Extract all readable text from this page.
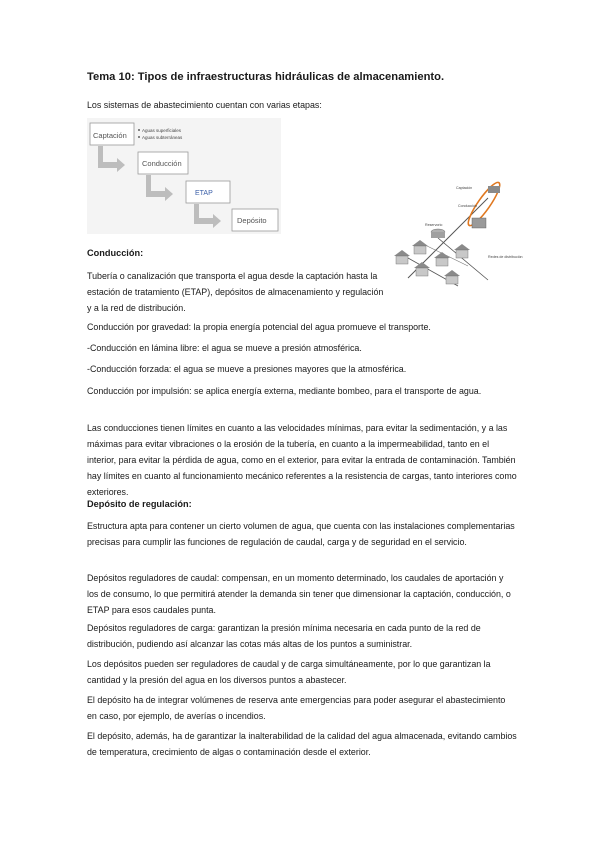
Tema 10: Tipos de infraestructuras hidráulicas de almacenamiento.
Los sistemas de abastecimiento cuentan con varias etapas:
Captación
Aguas superficiales
Aguas subterráneas
Conducción
ETAP
Depósito
Captación
Conducción
Reservorio
Redes de distribución
Conducción:
Tubería o canalización que transporta el agua desde la captación hasta la estación de tratamiento (ETAP), depósitos de almacenamiento y regulación y a la red de distribución.
Conducción por gravedad: la propia energía potencial del agua promueve el transporte.
-Conducción en lámina libre: el agua se mueve a presión atmosférica.
-Conducción forzada: el agua se mueve a presiones mayores que la atmosférica.
Conducción por impulsión: se aplica energía externa, mediante bombeo, para el transporte de agua.
Las conducciones tienen límites en cuanto a las velocidades mínimas, para evitar la sedimentación, y a las máximas para evitar vibraciones o la erosión de la tubería, en cuanto a la impermeabilidad, tanto en el interior, para evitar la pérdida de agua, como en el exterior, para evitar la entrada de contaminación. También hay límites en cuanto al funcionamiento mecánico referentes a la resistencia de cargas, tanto interiores como exteriores.
Depósito de regulación:
Estructura apta para contener un cierto volumen de agua, que cuenta con las instalaciones complementarias precisas para cumplir las funciones de regulación de caudal, carga y de seguridad en el servicio.
Depósitos reguladores de caudal: compensan, en un momento determinado, los caudales de aportación y los de consumo, lo que permitirá atender la demanda sin tener que dimensionar la captación, conducción, o ETAP para esos caudales punta.
Depósitos reguladores de carga: garantizan la presión mínima necesaria en cada punto de la red de distribución, pudiendo así alcanzar las cotas más altas de los puntos a suministrar.
Los depósitos pueden ser reguladores de caudal y de carga simultáneamente, por lo que garantizan la cantidad y la presión del agua en los diversos puntos a abastecer.
El depósito ha de integrar volúmenes de reserva ante emergencias para poder asegurar el abastecimiento en caso, por ejemplo, de averías o incendios.
El depósito, además, ha de garantizar la inalterabilidad de la calidad del agua almacenada, evitando cambios de temperatura, crecimiento de algas o contaminación desde el exterior.
